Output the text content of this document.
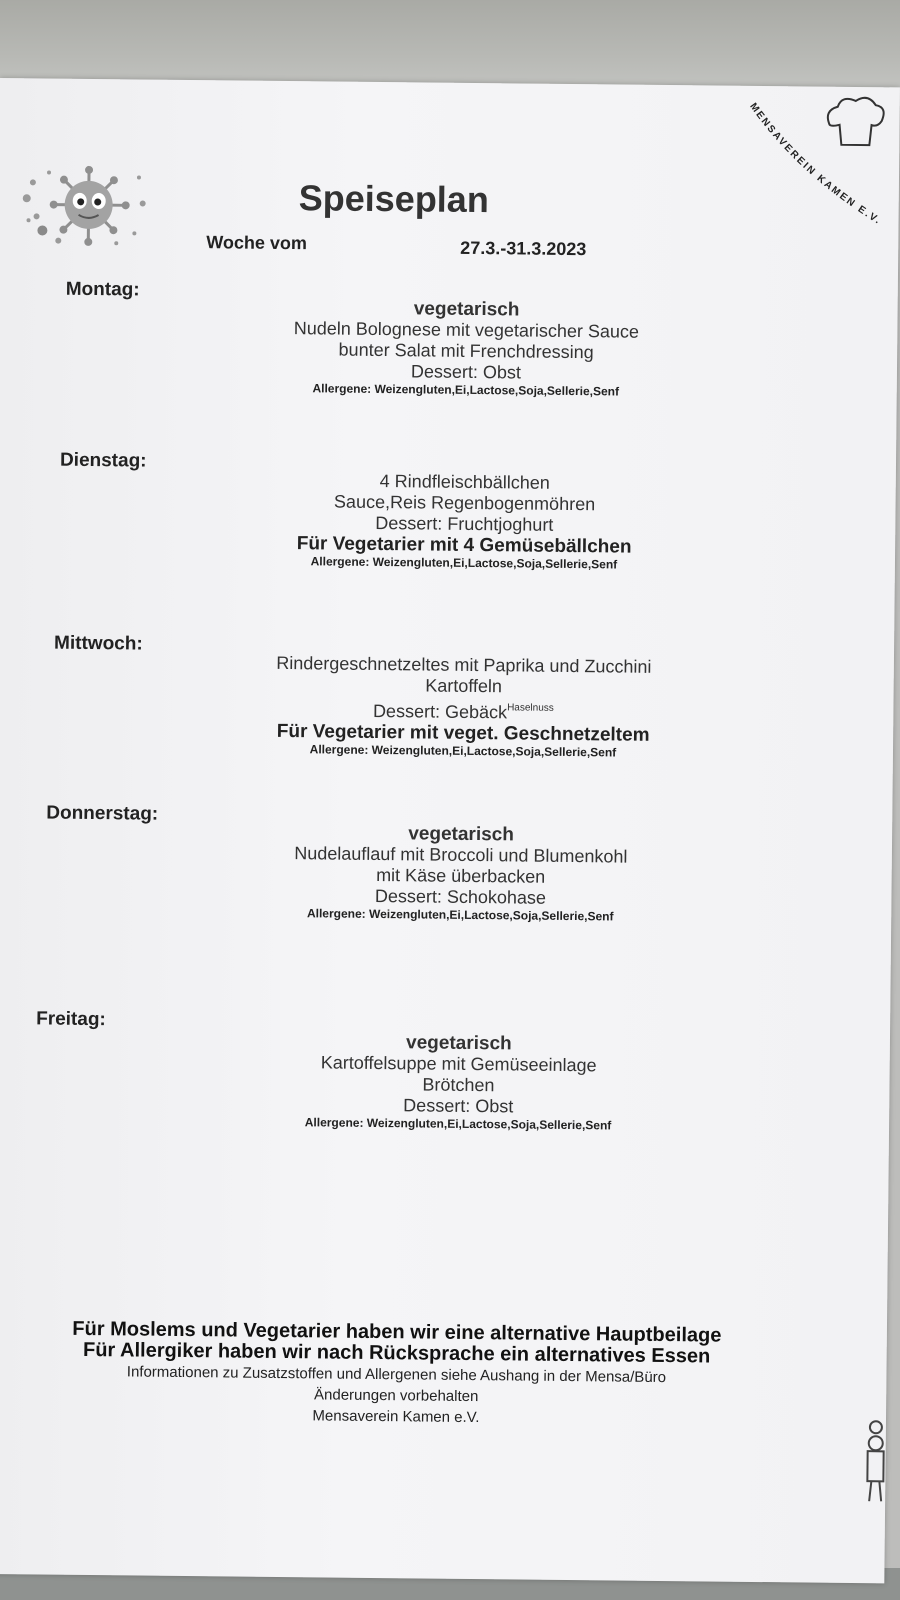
MENSAVEREIN KAMEN E.V.
Speiseplan
Woche vom	27.3.-31.3.2023
Montag:
vegetarisch
Nudeln Bolognese mit vegetarischer Sauce
bunter Salat mit Frenchdressing
Dessert: Obst
Allergene: Weizengluten,Ei,Lactose,Soja,Sellerie,Senf
Dienstag:
4 Rindfleischbällchen
Sauce,Reis Regenbogenmöhren
Dessert: Fruchtjoghurt
Für Vegetarier mit 4 Gemüsebällchen
Allergene: Weizengluten,Ei,Lactose,Soja,Sellerie,Senf
Mittwoch:
Rindergeschnetzeltes mit Paprika und Zucchini
Kartoffeln
Dessert: Gebäck$^{Haselnuss}$
Für Vegetarier mit veget. Geschnetzeltem
Allergene: Weizengluten,Ei,Lactose,Soja,Sellerie,Senf
Donnerstag:
vegetarisch
Nudelauflauf mit Broccoli und Blumenkohl
mit Käse überbacken
Dessert: Schokohase
Allergene: Weizengluten,Ei,Lactose,Soja,Sellerie,Senf
Freitag:
vegetarisch
Kartoffelsuppe mit Gemüseeinlage
Brötchen
Dessert: Obst
Allergene: Weizengluten,Ei,Lactose,Soja,Sellerie,Senf
Für Moslems und Vegetarier haben wir eine alternative Hauptbeilage
Für Allergiker haben wir nach Rücksprache ein alternatives Essen
Informationen zu Zusatzstoffen und Allergenen siehe Aushang in der Mensa/Büro
Änderungen vorbehalten
Mensaverein Kamen e.V.
